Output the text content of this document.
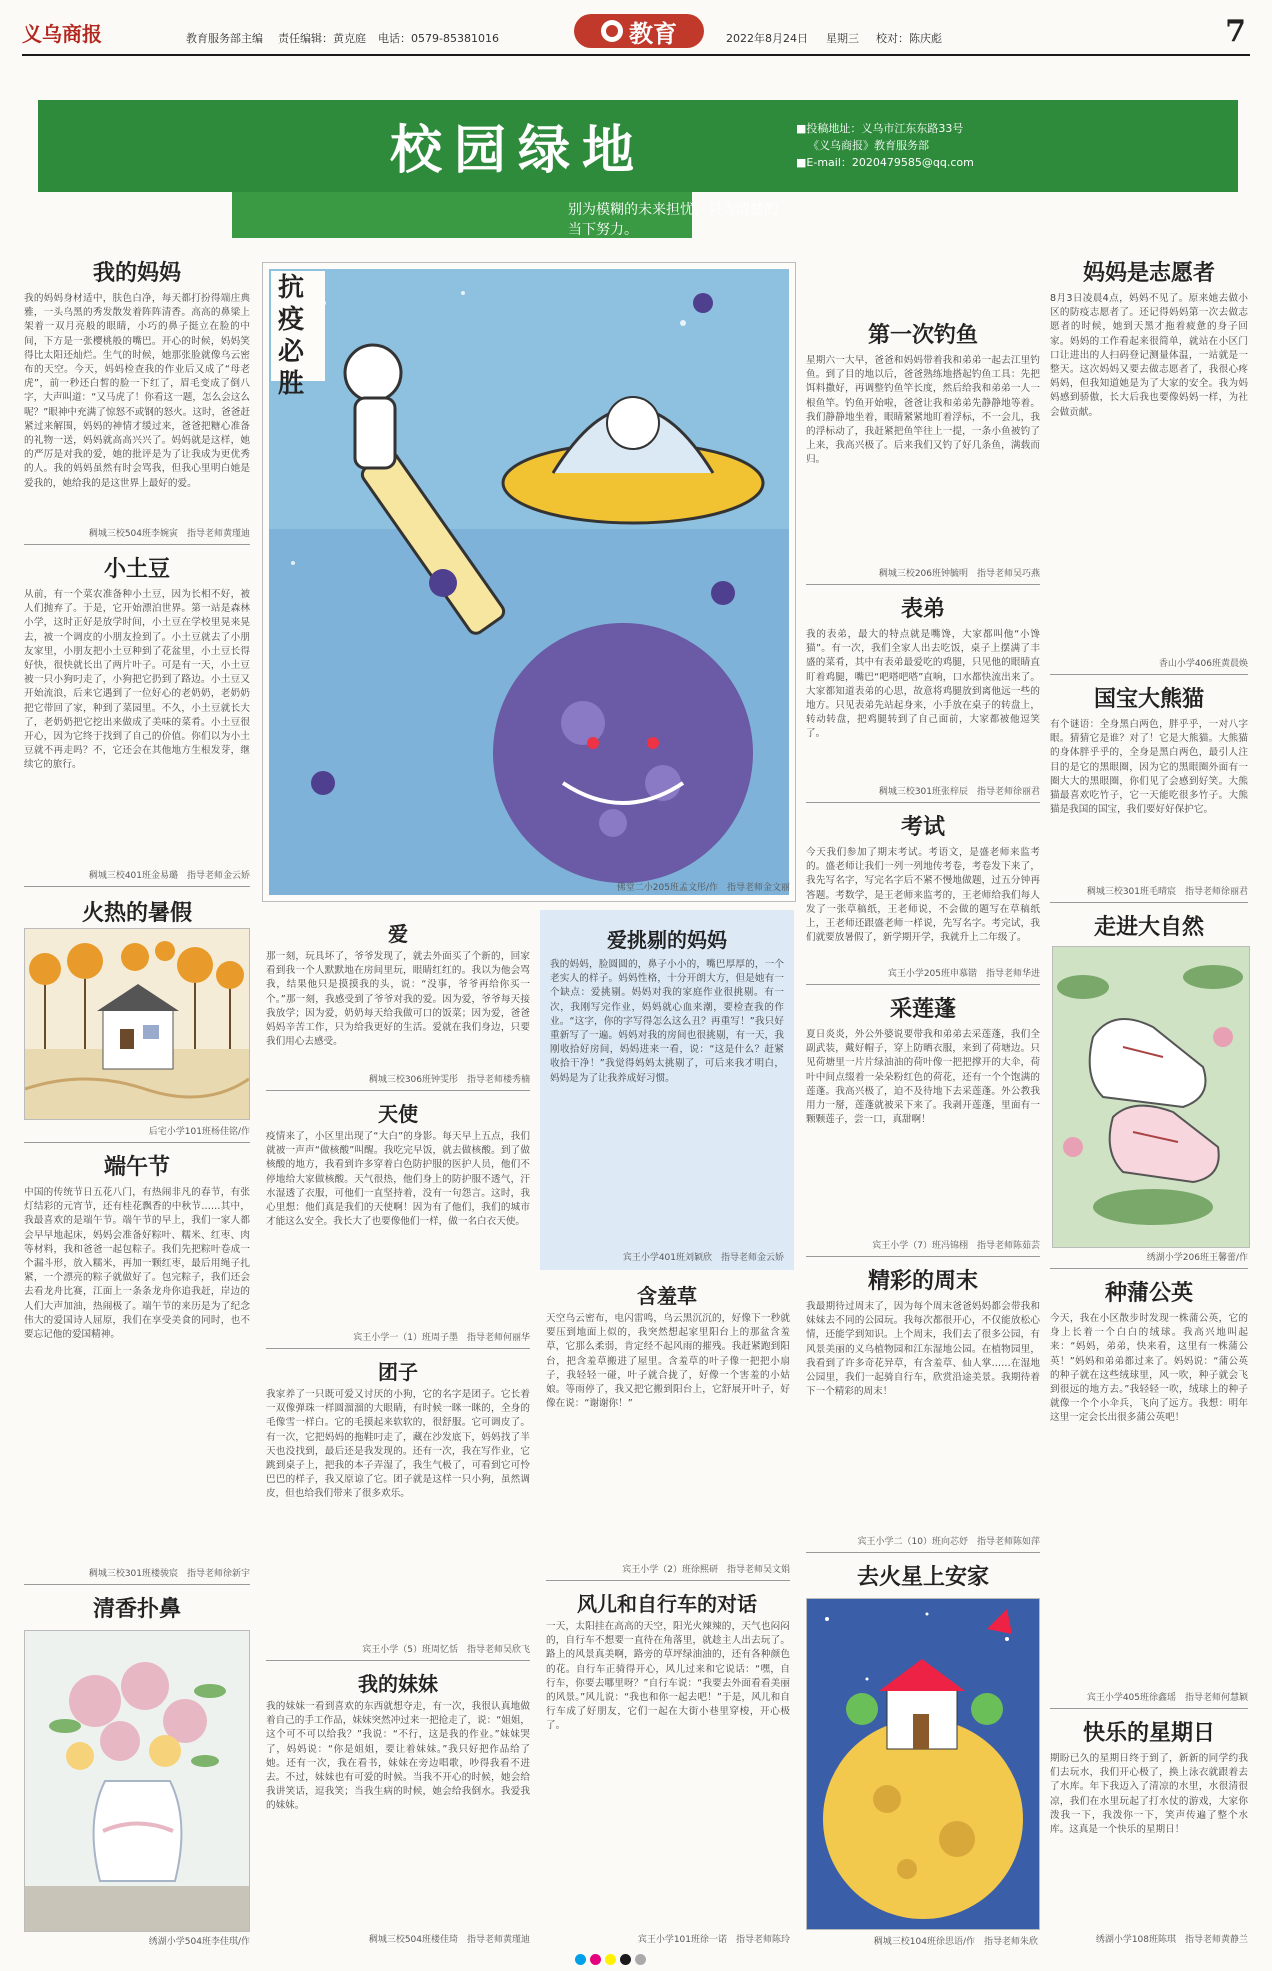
义乌商报	教育服务部主编 责任编辑：黄克庭 电话：0579-85381016	教育	2022年8月24日 星期三 校对：陈庆彪	7
校园绿地	■投稿地址：义乌市江东东路33号
《义乌商报》教育服务部
■E-mail：2020479585@qq.com
别为模糊的未来担忧，只为清楚的当下努力。
我的妈妈
我的妈妈身材适中，肤色白净，每天都打扮得端庄典雅，一头乌黑的秀发散发着阵阵清香。高高的鼻梁上架着一双月亮般的眼睛，小巧的鼻子挺立在脸的中间，下方是一张樱桃般的嘴巴。开心的时候，妈妈笑得比太阳还灿烂。生气的时候，她那张脸就像乌云密布的天空。今天，妈妈检查我的作业后又成了“母老虎”，前一秒还白皙的脸一下红了，眉毛变成了倒八字，大声叫道：“又马虎了！你看这一题，怎么会这么呢？”眼神中充满了惊怒不或钢的怒火。这时，爸爸赶紧过来解围，妈妈的神情才缓过来，爸爸把糖心准备的礼物一送，妈妈就高高兴兴了。妈妈就是这样，她的严厉是对我的爱，她的批评是为了让我成为更优秀的人。我的妈妈虽然有时会骂我，但我心里明白她是爱我的，她给我的是这世界上最好的爱。
稠城三校504班李婉寅　指导老师黄瑾迪
小土豆
从前，有一个菜农准备种小土豆，因为长相不好，被人们抛弃了。于是，它开始漂泊世界。第一站是森林小学，这时正好是放学时间，小土豆在学校里晃来晃去，被一个调皮的小朋友捡到了。小土豆就去了小朋友家里，小朋友把小土豆种到了花盆里，小土豆长得好快，很快就长出了两片叶子。可是有一天，小土豆被一只小狗叼走了，小狗把它扔到了路边。小土豆又开始流浪，后来它遇到了一位好心的老奶奶，老奶奶把它带回了家，种到了菜园里。不久，小土豆就长大了，老奶奶把它挖出来做成了美味的菜肴。小土豆很开心，因为它终于找到了自己的价值。你们以为小土豆就不再走吗？不，它还会在其他地方生根发芽，继续它的旅行。
稠城三校401班金易璐　指导老师金云娇
火热的暑假
后宅小学101班杨佳铭/作
端午节
中国的传统节日五花八门，有热闹非凡的春节，有张灯结彩的元宵节，还有桂花飘香的中秋节……其中，我最喜欢的是端午节。端午节的早上，我们一家人都会早早地起床，妈妈会准备好粽叶、糯米、红枣、肉等材料，我和爸爸一起包粽子。我们先把粽叶卷成一个漏斗形，放入糯米，再加一颗红枣，最后用绳子扎紧，一个漂亮的粽子就做好了。包完粽子，我们还会去看龙舟比赛，江面上一条条龙舟你追我赶，岸边的人们大声加油，热闹极了。端午节的来历是为了纪念伟大的爱国诗人屈原，我们在享受美食的同时，也不要忘记他的爱国精神。
稠城三校301班楼骏宸　指导老师徐新宇
清香扑鼻
绣湖小学504班李佳琪/作
抗疫必胜
佛堂二小205班孟文彤/作　指导老师金文丽
爱
那一刻，玩具坏了，爷爷发现了，就去外面买了个新的，回家看到我一个人默默地在房间里玩，眼睛红红的。我以为他会骂我，结果他只是摸摸我的头，说：“没事，爷爷再给你买一个。”那一刻，我感受到了爷爷对我的爱。因为爱，爷爷每天接我放学；因为爱，奶奶每天给我做可口的饭菜；因为爱，爸爸妈妈辛苦工作，只为给我更好的生活。爱就在我们身边，只要我们用心去感受。
稠城三校306班钟雯彤　指导老师楼秀楠
天使
疫情来了，小区里出现了“大白”的身影。每天早上五点，我们就被一声声“做核酸”叫醒。我吃完早饭，就去做核酸。到了做核酸的地方，我看到许多穿着白色防护服的医护人员，他们不停地给大家做核酸。天气很热，他们身上的防护服不透气，汗水湿透了衣服，可他们一直坚持着，没有一句怨言。这时，我心里想：他们真是我们的天使啊！因为有了他们，我们的城市才能这么安全。我长大了也要像他们一样，做一名白衣天使。
宾王小学一（1）班周子墨　指导老师何丽华
团子
我家养了一只既可爱又讨厌的小狗，它的名字是团子。它长着一双像弹珠一样圆溜溜的大眼睛，有时候一眯一眯的，全身的毛像雪一样白。它的毛摸起来软软的，很舒服。它可调皮了。有一次，它把妈妈的拖鞋叼走了，藏在沙发底下，妈妈找了半天也没找到，最后还是我发现的。还有一次，我在写作业，它跳到桌子上，把我的本子弄湿了，我生气极了，可看到它可怜巴巴的样子，我又原谅了它。团子就是这样一只小狗，虽然调皮，但也给我们带来了很多欢乐。
宾王小学（5）班周忆恬　指导老师吴欣飞
我的妹妹
我的妹妹一看到喜欢的东西就想夺走，有一次，我很认真地做着自己的手工作品，妹妹突然冲过来一把抢走了，说：“姐姐，这个可不可以给我？”我说：“不行，这是我的作业。”妹妹哭了，妈妈说：“你是姐姐，要让着妹妹。”我只好把作品给了她。还有一次，我在看书，妹妹在旁边唱歌，吵得我看不进去。不过，妹妹也有可爱的时候。当我不开心的时候，她会给我讲笑话，逗我笑；当我生病的时候，她会给我倒水。我爱我的妹妹。
稠城三校504班楼佳琦　指导老师黄瑾迪
爱挑剔的妈妈
我的妈妈，脸圆圆的，鼻子小小的，嘴巴厚厚的，一个老实人的样子。妈妈性格，十分开朗大方，但是她有一个缺点：爱挑剔。妈妈对我的家庭作业很挑剔。有一次，我刚写完作业，妈妈就心血来潮，要检查我的作业。“这字，你的字写得怎么这么丑？再重写！”我只好重新写了一遍。妈妈对我的房间也很挑剔，有一天，我刚收拾好房间，妈妈进来一看，说：“这是什么？赶紧收拾干净！”我觉得妈妈太挑剔了，可后来我才明白，妈妈是为了让我养成好习惯。
宾王小学401班刘颖欣　指导老师金云娇
含羞草
天空乌云密布，电闪雷鸣，乌云黑沉沉的，好像下一秒就要压到地面上似的，我突然想起家里阳台上的那盆含羞草，它那么柔弱，肯定经不起风雨的摧残。我赶紧跑到阳台，把含羞草搬进了屋里。含羞草的叶子像一把把小扇子，我轻轻一碰，叶子就合拢了，好像一个害羞的小姑娘。等雨停了，我又把它搬到阳台上，它舒展开叶子，好像在说：“谢谢你！”
宾王小学（2）班徐熙研　指导老师吴文娟
风儿和自行车的对话
一天，太阳挂在高高的天空，阳光火辣辣的，天气也闷闷的，自行车不想要一直待在角落里，就趁主人出去玩了。路上的风景真美啊，路旁的草坪绿油油的，还有各种颜色的花。自行车正骑得开心，风儿过来和它说话：“嘿，自行车，你要去哪里呀？”自行车说：“我要去外面看看美丽的风景。”风儿说：“我也和你一起去吧！”于是，风儿和自行车成了好朋友，它们一起在大街小巷里穿梭，开心极了。
宾王小学101班徐一诺　指导老师陈玲
第一次钓鱼
星期六一大早，爸爸和妈妈带着我和弟弟一起去江里钓鱼。到了目的地以后，爸爸熟练地搭起钓鱼工具：先把饵料撒好，再调整钓鱼竿长度，然后给我和弟弟一人一根鱼竿。钓鱼开始啦，爸爸让我和弟弟先静静地等着。我们静静地坐着，眼睛紧紧地盯着浮标，不一会儿，我的浮标动了，我赶紧把鱼竿往上一提，一条小鱼被钓了上来，我高兴极了。后来我们又钓了好几条鱼，满载而归。
稠城三校206班钟毓明　指导老师吴巧燕
表弟
我的表弟，最大的特点就是嘴馋，大家都叫他“小馋猫”。有一次，我们全家人出去吃饭，桌子上摆满了丰盛的菜肴，其中有表弟最爱吃的鸡腿，只见他的眼睛直盯着鸡腿，嘴巴“吧嗒吧嗒”直响，口水都快流出来了。大家都知道表弟的心思，故意将鸡腿放到离他远一些的地方。只见表弟先站起身来，小手放在桌子的转盘上，转动转盘，把鸡腿转到了自己面前，大家都被他逗笑了。
稠城三校301班张梓辰　指导老师徐丽君
考试
今天我们参加了期末考试。考语文，是盛老师来监考的。盛老师让我们一列一列地传考卷，考卷发下来了，我先写名字，写完名字后不紧不慢地做题，过五分钟再答题。考数学，是王老师来监考的，王老师给我们每人发了一张草稿纸，王老师说，不会做的题写在草稿纸上，王老师还跟盛老师一样说，先写名字。考完试，我们就要放暑假了，新学期开学，我就升上二年级了。
宾王小学205班申慕锴　指导老师华进
采莲蓬
夏日炎炎，外公外婆说要带我和弟弟去采莲蓬，我们全副武装，戴好帽子，穿上防晒衣服，来到了荷塘边。只见荷塘里一片片绿油油的荷叶像一把把撑开的大伞，荷叶中间点缀着一朵朵粉红色的荷花，还有一个个饱满的莲蓬。我高兴极了，迫不及待地下去采莲蓬。外公教我用力一掰，莲蓬就被采下来了。我剥开莲蓬，里面有一颗颗莲子，尝一口，真甜啊！
宾王小学（7）班冯锦栩　指导老师陈茹芸
精彩的周末
我最期待过周末了，因为每个周末爸爸妈妈都会带我和妹妹去不同的公园玩。我每次都很开心，不仅能放松心情，还能学到知识。上个周末，我们去了很多公园，有风景美丽的义乌植物园和江东湿地公园。在植物园里，我看到了许多奇花异草，有含羞草、仙人掌……在湿地公园里，我们一起骑自行车，欣赏沿途美景。我期待着下一个精彩的周末！
宾王小学二（10）班向芯妤　指导老师陈如萍
去火星上安家
稠城三校104班徐思语/作　指导老师朱欣
妈妈是志愿者
8月3日凌晨4点，妈妈不见了。原来她去做小区的防疫志愿者了。还记得妈妈第一次去做志愿者的时候，她到天黑才拖着疲惫的身子回家。妈妈的工作看起来很简单，就站在小区门口让进出的人扫码登记测量体温，一站就是一整天。这次妈妈又要去做志愿者了，我很心疼妈妈，但我知道她是为了大家的安全。我为妈妈感到骄傲，长大后我也要像妈妈一样，为社会做贡献。
香山小学406班黄晨焕
国宝大熊猫
有个谜语：全身黑白两色，胖乎乎，一对八字眼。猜猜它是谁？对了！它是大熊猫。大熊猫的身体胖乎乎的，全身是黑白两色，最引人注目的是它的黑眼圈，因为它的黑眼圈外面有一圈大大的黑眼圈，你们见了会感到好笑。大熊猫最喜欢吃竹子，它一天能吃很多竹子。大熊猫是我国的国宝，我们要好好保护它。
稠城三校301班毛晴宸　指导老师徐丽君
走进大自然
绣湖小学206班王馨蕾/作
种蒲公英
今天，我在小区散步时发现一株蒲公英，它的身上长着一个白白的绒球。我高兴地叫起来：“妈妈，弟弟，快来看，这里有一株蒲公英！”妈妈和弟弟都过来了。妈妈说：“蒲公英的种子就在这些绒球里，风一吹，种子就会飞到很远的地方去。”我轻轻一吹，绒球上的种子就像一个个小伞兵，飞向了远方。我想：明年这里一定会长出很多蒲公英吧！
宾王小学405班徐鑫瑶　指导老师何慧颖
快乐的星期日
期盼已久的星期日终于到了，新新的同学约我们去玩水，我们开心极了，换上泳衣就跟着去了水库。年下我迈入了清凉的水里，水很清很凉，我们在水里玩起了打水仗的游戏，大家你泼我一下，我泼你一下，笑声传遍了整个水库。这真是一个快乐的星期日！
绣湖小学108班陈琪　指导老师黄静兰
